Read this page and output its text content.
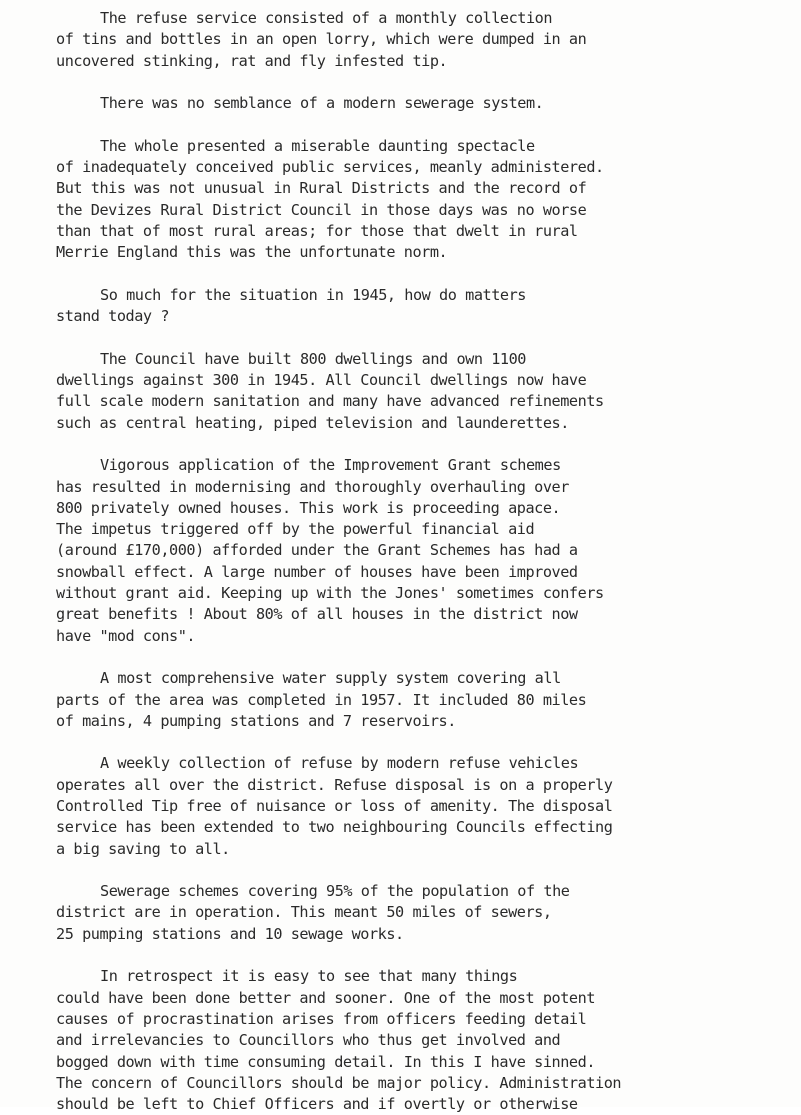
The refuse service consisted of a monthly collection
of tins and bottles in an open lorry, which were dumped in an
uncovered stinking, rat and fly infested tip.
There was no semblance of a modern sewerage system.
The whole presented a miserable daunting spectacle
of inadequately conceived public services, meanly administered.
But this was not unusual in Rural Districts and the record of
the Devizes Rural District Council in those days was no worse
than that of most rural areas; for those that dwelt in rural
Merrie England this was the unfortunate norm.
So much for the situation in 1945, how do matters
stand today ?
The Council have built 800 dwellings and own 1100
dwellings against 300 in 1945. All Council dwellings now have
full scale modern sanitation and many have advanced refinements
such as central heating, piped television and launderettes.
Vigorous application of the Improvement Grant schemes
has resulted in modernising and thoroughly overhauling over
800 privately owned houses. This work is proceeding apace.
The impetus triggered off by the powerful financial aid
(around £170,000) afforded under the Grant Schemes has had a
snowball effect. A large number of houses have been improved
without grant aid. Keeping up with the Jones' sometimes confers
great benefits ! About 80% of all houses in the district now
have "mod cons".
A most comprehensive water supply system covering all
parts of the area was completed in 1957. It included 80 miles
of mains, 4 pumping stations and 7 reservoirs.
A weekly collection of refuse by modern refuse vehicles
operates all over the district. Refuse disposal is on a properly
Controlled Tip free of nuisance or loss of amenity. The disposal
service has been extended to two neighbouring Councils effecting
a big saving to all.
Sewerage schemes covering 95% of the population of the
district are in operation. This meant 50 miles of sewers,
25 pumping stations and 10 sewage works.
In retrospect it is easy to see that many things
could have been done better and sooner. One of the most potent
causes of procrastination arises from officers feeding detail
and irrelevancies to Councillors who thus get involved and
bogged down with time consuming detail. In this I have sinned.
The concern of Councillors should be major policy. Administration
should be left to Chief Officers and if overtly or otherwise
